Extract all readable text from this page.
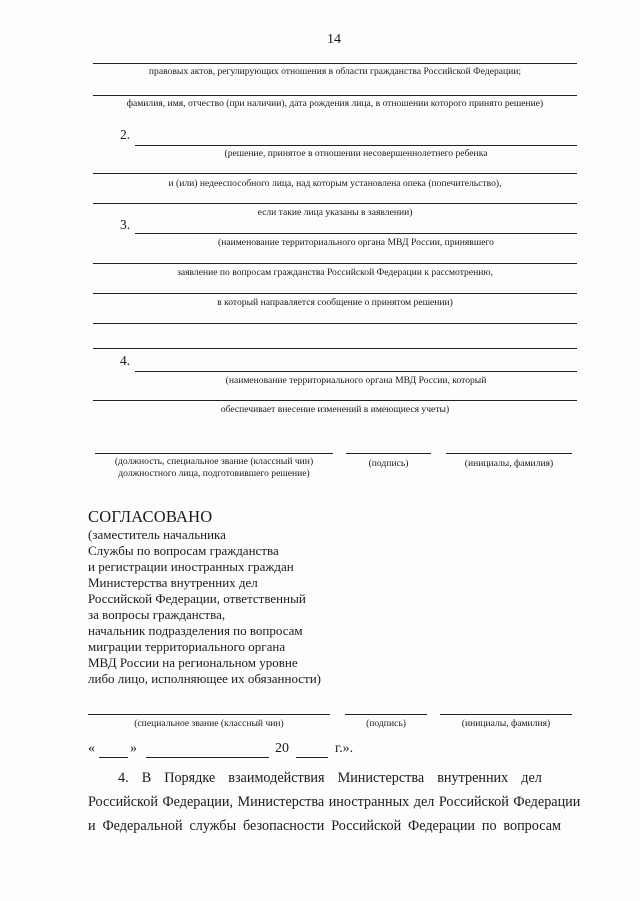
14
правовых актов, регулирующих отношения в области гражданства Российской Федерации;
фамилия, имя, отчество (при наличии), дата рождения лица, в отношении которого принято решение)
2.
(решение, принятое в отношении несовершеннолетнего ребенка
и (или) недееспособного лица, над которым установлена опека (попечительство),
если такие лица указаны в заявлении)
3.
(наименование территориального органа МВД России, принявшего
заявление по вопросам гражданства Российской Федерации к рассмотрению,
в который направляется сообщение о принятом решении)
4.
(наименование территориального органа МВД России, который
обеспечивает внесение изменений в имеющиеся учеты)
(должность, специальное звание (классный чин)
должностного лица, подготовившего решение)
(подпись)	(инициалы, фамилия)
СОГЛАСОВАНО
(заместитель начальника
Службы по вопросам гражданства
и регистрации иностранных граждан
Министерства внутренних дел
Российской Федерации, ответственный
за вопросы гражданства,
начальник подразделения по вопросам
миграции территориального органа
МВД России на региональном уровне
либо лицо, исполняющее их обязанности)
(специальное звание (классный чин)	(подпись)	(инициалы, фамилия)
«	»	20	г.».
4. В Порядке взаимодействия Министерства внутренних дел
Российской Федерации, Министерства иностранных дел Российской Федерации
и Федеральной службы безопасности Российской Федерации по вопросам
